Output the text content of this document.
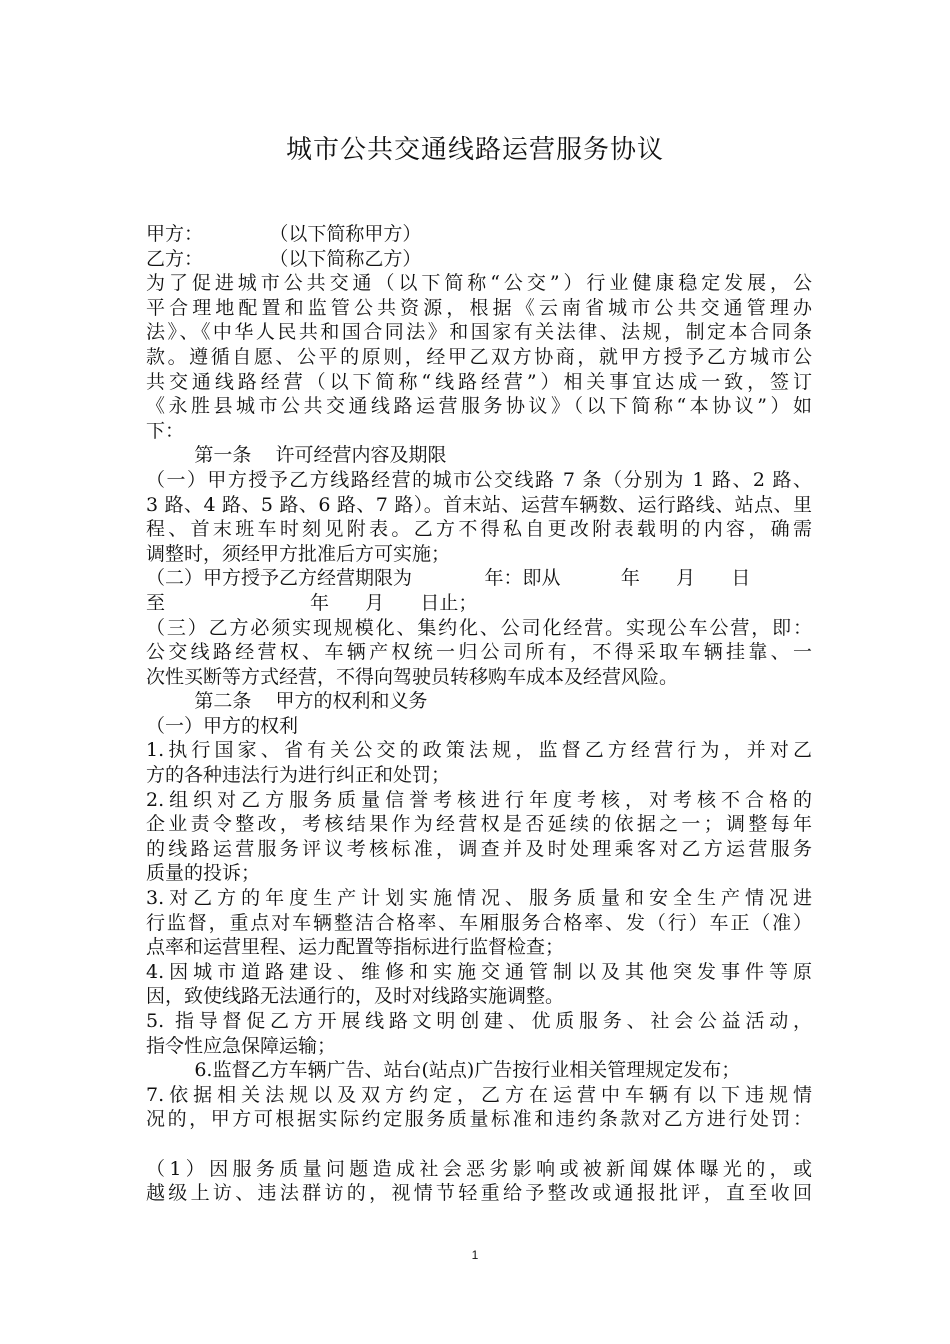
城市公共交通线路运营服务协议
甲方：           （以下简称甲方）
乙方：           （以下简称乙方）
为了促进城市公共交通（以下简称“公交”）行业健康稳定发展，公
平合理地配置和监管公共资源，根据《云南省城市公共交通管理办
法》、《中华人民共和国合同法》和国家有关法律、法规，制定本合同条
款。遵循自愿、公平的原则，经甲乙双方协商，就甲方授予乙方城市公
共交通线路经营（以下简称“线路经营”）相关事宜达成一致，签订
《永胜县城市公共交通线路运营服务协议》（以下简称“本协议”）如
下：
第一条    许可经营内容及期限
（一）甲方授予乙方线路经营的城市公交线路 7 条（分别为 1 路、2 路、
3 路、4 路、5 路、6 路、7 路）。首末站、运营车辆数、运行路线、站点、里
程、首末班车时刻见附表。乙方不得私自更改附表载明的内容，确需
调整时，须经甲方批准后方可实施；
（二）甲方授予乙方经营期限为            年：即从          年      月      日
至                        年      月      日止；
（三）乙方必须实现规模化、集约化、公司化经营。实现公车公营，即：
公交线路经营权、车辆产权统一归公司所有，不得采取车辆挂靠、一
次性买断等方式经营，不得向驾驶员转移购车成本及经营风险。
第二条    甲方的权利和义务
（一）甲方的权利
1.执行国家、省有关公交的政策法规，监督乙方经营行为，并对乙
方的各种违法行为进行纠正和处罚；
2.组织对乙方服务质量信誉考核进行年度考核，对考核不合格的
企业责令整改，考核结果作为经营权是否延续的依据之一；调整每年
的线路运营服务评议考核标准，调查并及时处理乘客对乙方运营服务
质量的投诉；
3.对乙方的年度生产计划实施情况、服务质量和安全生产情况进
行监督，重点对车辆整洁合格率、车厢服务合格率、发（行）车正（准）
点率和运营里程、运力配置等指标进行监督检查；
4.因城市道路建设、维修和实施交通管制以及其他突发事件等原
因，致使线路无法通行的，及时对线路实施调整。
5. 指导督促乙方开展线路文明创建、优质服务、社会公益活动，
指令性应急保障运输；
6.监督乙方车辆广告、站台(站点)广告按行业相关管理规定发布；
7.依据相关法规以及双方约定，乙方在运营中车辆有以下违规情
况的，甲方可根据实际约定服务质量标准和违约条款对乙方进行处罚：
（1）因服务质量问题造成社会恶劣影响或被新闻媒体曝光的，或
越级上访、违法群访的，视情节轻重给予整改或通报批评，直至收回
1
